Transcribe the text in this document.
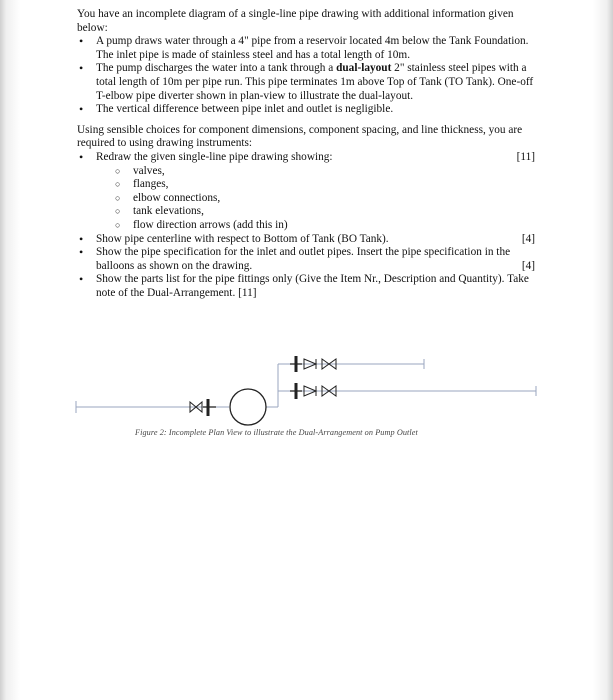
You have an incomplete diagram of a single-line pipe drawing with additional information given below:

• A pump draws water through a 4" pipe from a reservoir located 4m below the Tank Foundation. The inlet pipe is made of stainless steel and has a total length of 10m.
• The pump discharges the water into a tank through a dual-layout 2" stainless steel pipes with a total length of 10m per pipe run. This pipe terminates 1m above Top of Tank (TO Tank). One-off T-elbow pipe diverter shown in plan-view to illustrate the dual-layout.
• The vertical difference between pipe inlet and outlet is negligible.

Using sensible choices for component dimensions, component spacing, and line thickness, you are required to using drawing instruments:

• Redraw the given single-line pipe drawing showing:	[11]
○ valves,
○ flanges,
○ elbow connections,
○ tank elevations,
○ flow direction arrows (add this in)
• Show pipe centerline with respect to Bottom of Tank (BO Tank).	[4]
• Show the pipe specification for the inlet and outlet pipes. Insert the pipe specification in the balloons as shown on the drawing.	[4]
• Show the parts list for the pipe fittings only (Give the Item Nr., Description and Quantity). Take note of the Dual-Arrangement. [11]
Figure 2: Incomplete Plan View to illustrate the Dual-Arrangement on Pump Outlet
